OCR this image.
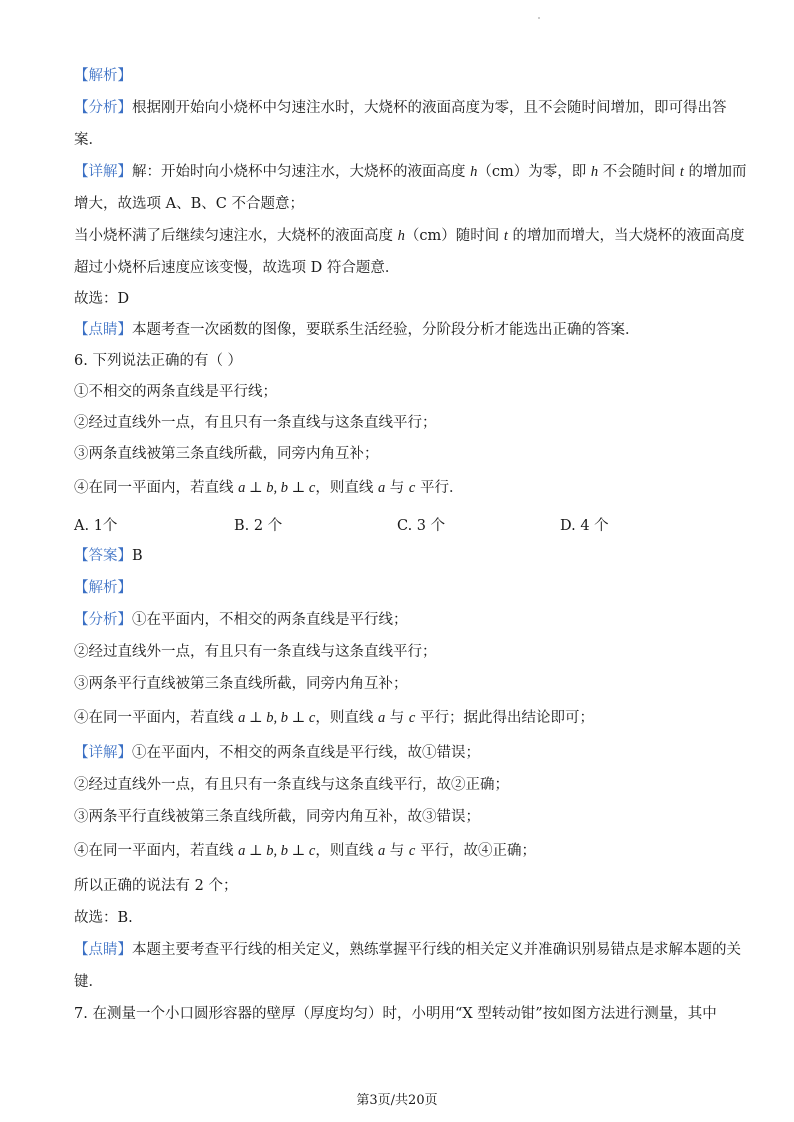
【解析】
【分析】根据刚开始向小烧杯中匀速注水时，大烧杯的液面高度为零，且不会随时间增加，即可得出答
案．
【详解】解：开始时向小烧杯中匀速注水，大烧杯的液面高度 h（cm）为零，即 h 不会随时间 t 的增加而
增大，故选项 A、B、C 不合题意；
当小烧杯满了后继续匀速注水，大烧杯的液面高度 h（cm）随时间 t 的增加而增大，当大烧杯的液面高度
超过小烧杯后速度应该变慢，故选项 D 符合题意．
故选：D
【点睛】本题考查一次函数的图像，要联系生活经验，分阶段分析才能选出正确的答案．
6. 下列说法正确的有（ ）
①不相交的两条直线是平行线；
②经过直线外一点，有且只有一条直线与这条直线平行；
③两条直线被第三条直线所截，同旁内角互补；
④在同一平面内，若直线 a ⊥ b, b ⊥ c，则直线 a 与 c 平行．
A. 1个	B. 2 个	C. 3 个	D. 4 个
【答案】B
【解析】
【分析】①在平面内，不相交的两条直线是平行线；
②经过直线外一点，有且只有一条直线与这条直线平行；
③两条平行直线被第三条直线所截，同旁内角互补；
④在同一平面内，若直线 a ⊥ b, b ⊥ c，则直线 a 与 c 平行；据此得出结论即可；
【详解】①在平面内，不相交的两条直线是平行线，故①错误；
②经过直线外一点，有且只有一条直线与这条直线平行，故②正确；
③两条平行直线被第三条直线所截，同旁内角互补，故③错误；
④在同一平面内，若直线 a ⊥ b, b ⊥ c，则直线 a 与 c 平行，故④正确；
所以正确的说法有 2 个；
故选：B.
【点睛】本题主要考查平行线的相关定义，熟练掌握平行线的相关定义并准确识别易错点是求解本题的关
键．
7. 在测量一个小口圆形容器的壁厚（厚度均匀）时，小明用“X 型转动钳”按如图方法进行测量，其中
第3页/共20页
